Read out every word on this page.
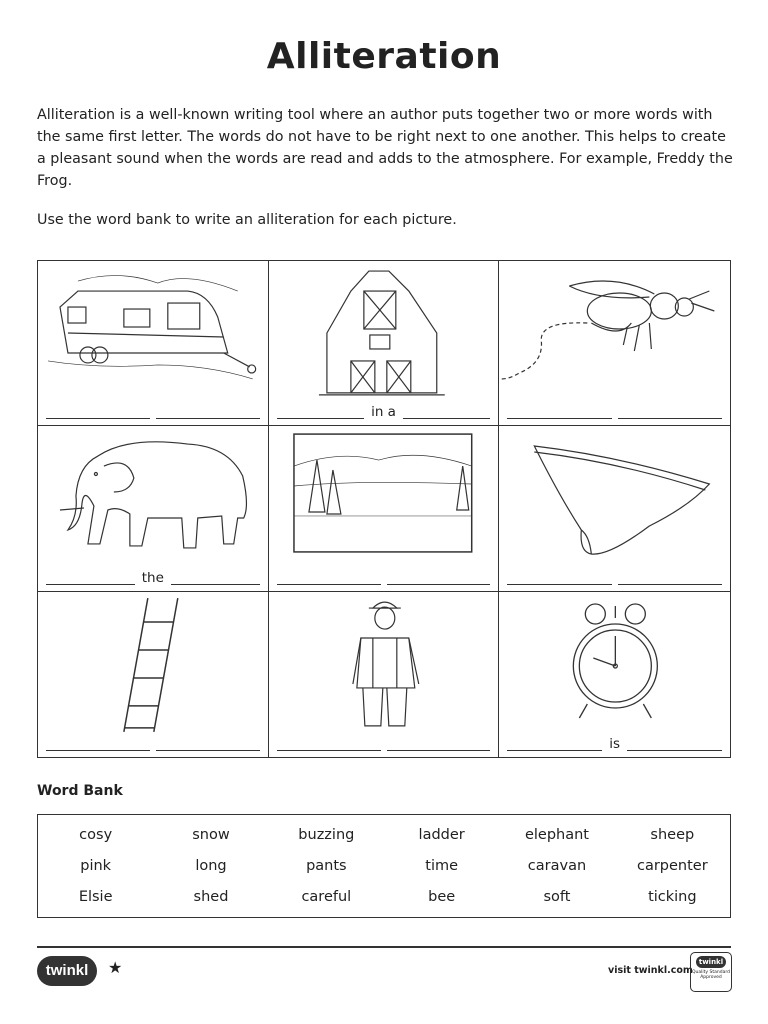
Alliteration

Alliteration is a well-known writing tool where an author puts together two or more words with the same first letter. The words do not have to be right next to one another. This helps to create a pleasant sound when the words are read and adds to the atmosphere. For example, Freddy the Frog.

Use the word bank to write an alliteration for each picture.

in a
the
is

Word Bank

cosy	snow	buzzing	ladder	elephant	sheep
pink	long	pants	time	caravan	carpenter
Elsie	shed	careful	bee	soft	ticking
twinkl	★	visit twinkl.com
twinkl
Quality Standard Approved
